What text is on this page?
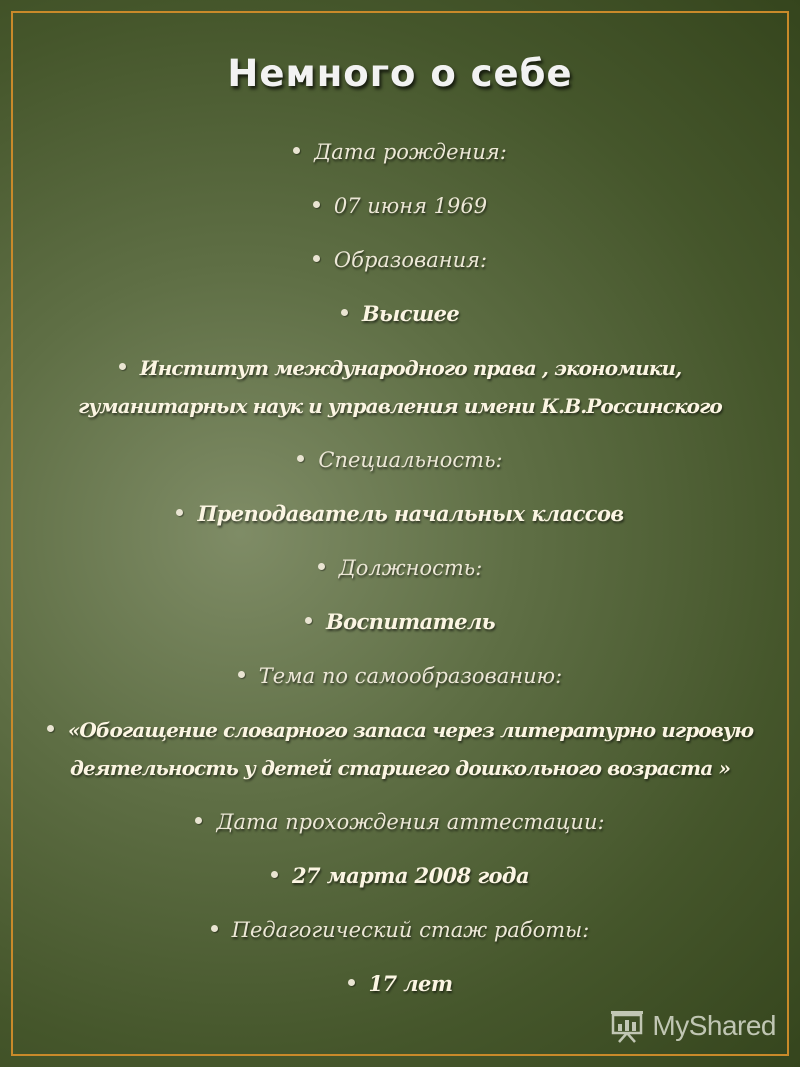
Немного о себе
Дата рождения:
07 июня 1969
Образования:
Высшее
Институт международного права , экономики, гуманитарных наук и управления имени К.В.Россинского
Специальность:
Преподаватель начальных классов
Должность:
Воспитатель
Тема по самообразованию:
«Обогащение словарного запаса через литературно игровую деятельность у детей старшего дошкольного возраста »
Дата прохождения аттестации:
27 марта 2008 года
Педагогический стаж работы:
17 лет
MyShared
